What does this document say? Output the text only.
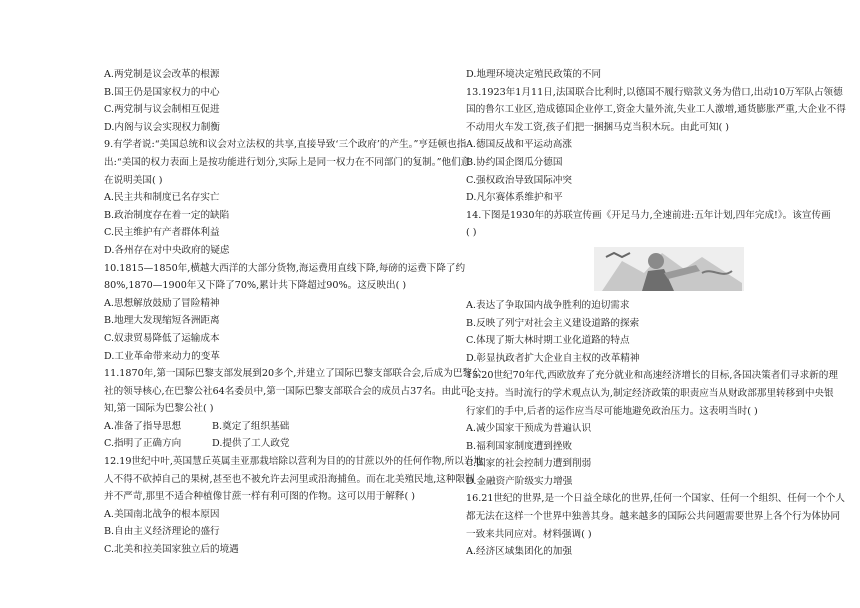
A.两党制是议会改革的根源
B.国王仍是国家权力的中心
C.两党制与议会制相互促进
D.内阁与议会实现权力制衡
9.有学者说:“美国总统和议会对立法权的共享,直接导致‘三个政府’的产生。”亨廷顿也指
出:“美国的权力表面上是按功能进行划分,实际上是同一权力在不同部门的复制。”他们意
在说明美国( )
A.民主共和制度已名存实亡
B.政治制度存在着一定的缺陷
C.民主维护有产者群体利益
D.各州存在对中央政府的疑虑
10.1815—1850年,横越大西洋的大部分货物,海运费用直线下降,每磅的运费下降了约
80%,1870—1900年又下降了70%,累计共下降超过90%。这反映出( )
A.思想解放鼓励了冒险精神
B.地理大发现缩短各洲距离
C.奴隶贸易降低了运输成本
D.工业革命带来动力的变革
11.1870年,第一国际巴黎支部发展到20多个,并建立了国际巴黎支部联合会,后成为巴黎公
社的领导核心,在巴黎公社64名委员中,第一国际巴黎支部联合会的成员占37名。由此可
知,第一国际为巴黎公社( )
A.准备了指导思想	B.奠定了组织基础
C.指明了正确方向	D.提供了工人政党
12.19世纪中叶,英国慧丘英属圭亚那栽培除以营利为目的的甘蔗以外的任何作物,所以当地
人不得不砍掉自己的果树,甚至也不被允许去河里或沿海捕鱼。而在北美殖民地,这种限制
并不严苛,那里不适合种植像甘蔗一样有利可图的作物。这可以用于解释( )
A.美国南北战争的根本原因
B.自由主义经济理论的盛行
C.北美和拉美国家独立后的境遇
D.地理环境决定殖民政策的不同
13.1923年1月11日,法国联合比利时,以德国不履行赔款义务为借口,出动10万军队占领德
国的鲁尔工业区,造成德国企业停工,资金大量外流,失业工人激增,通货膨胀严重,大企业不得
不动用火车发工资,孩子们把一捆捆马克当积木玩。由此可知( )
A.德国反战和平运动高涨
B.协约国企图瓜分德国
C.强权政治导致国际冲突
D.凡尔赛体系维护和平
14.下图是1930年的苏联宣传画《开足马力,全速前进:五年计划,四年完成!》。该宣传画
( )
A.表达了争取国内战争胜利的迫切需求
B.反映了列宁对社会主义建设道路的探索
C.体现了斯大林时期工业化道路的特点
D.彰显执政者扩大企业自主权的改革精神
15.20世纪70年代,西欧放弃了充分就业和高速经济增长的目标,各国决策者们寻求新的理
论支持。当时流行的学术观点认为,制定经济政策的职责应当从财政部那里转移到中央银
行家们的手中,后者的运作应当尽可能地避免政治压力。这表明当时( )
A.减少国家干预成为普遍认识
B.福利国家制度遭到挫败
C.国家的社会控制力遭到削弱
D.金融资产阶级实力增强
16.21世纪的世界,是一个日益全球化的世界,任何一个国家、任何一个组织、任何一个个人
都无法在这样一个世界中独善其身。越来越多的国际公共问题需要世界上各个行为体协同
一致来共同应对。材料强调( )
A.经济区域集团化的加强
